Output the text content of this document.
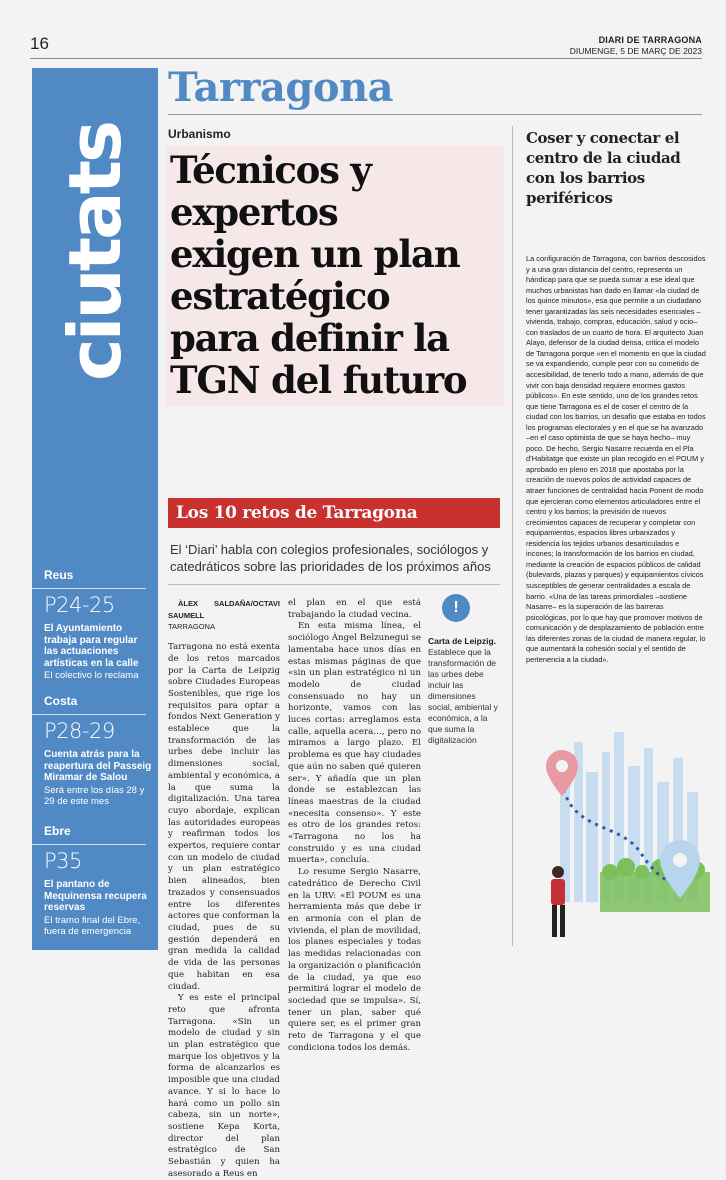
16	DIARI DE TARRAGONA
DIUMENGE, 5 DE MARÇ DE 2023
ciutats
Reus
P24-25
El Ayuntamiento trabaja para regular las actuaciones artísticas en la calle
El colectivo lo reclama
Costa
P28-29
Cuenta atrás para la reapertura del Passeig Miramar de Salou
Será entre los días 28 y 29 de este mes
Ebre
P35
El pantano de Mequinensa recupera reservas
El tramo final del Ebre, fuera de emergencia
Tarragona
Urbanismo
Técnicos y
expertos
exigen un plan
estratégico
para definir la
TGN del futuro
Los 10 retos de Tarragona
El ‘Diari’ habla con colegios profesionales, sociólogos y catedráticos sobre las prioridades de los próximos años

ÀLEX SALDAÑA/OCTAVI SAUMELL

TARRAGONA

Tarragona no está exenta de los retos marcados por la Carta de Leipzig sobre Ciudades Europeas Sostenibles, que rige los requisitos para optar a fondos Next Generation y establece que la transformación de las urbes debe incluir las dimensiones social, ambiental y económica, a la que suma la digitalización. Una tarea cuyo abordaje, explican las autoridades europeas y reafirman todos los expertos, requiere contar con un modelo de ciudad y un plan estratégico bien alineados, bien trazados y consensuados entre los diferentes actores que conforman la ciudad, pues de su gestión dependerá en gran medida la calidad de vida de las personas que habitan en esa ciudad.

Y es este el principal reto que afronta Tarragona. «Sin un modelo de ciudad y sin un plan estratégico que marque los objetivos y la forma de alcanzarlos es imposible que una ciudad avance. Y si lo hace lo hará como un pollo sin cabeza, sin un norte», sostiene Kepa Korta, director del plan estratégico de San Sebastián y quien ha asesorado a Reus en

el plan en el que está trabajando la ciudad vecina.

En esta misma línea, el sociólogo Àngel Belzunegui se lamentaba hace unos días en estas mismas páginas de que «sin un plan estratégico ni un modelo de ciudad consensuado no hay un horizonte, vamos con las luces cortas: arreglamos esta calle, aquella acera…, pero no miramos a largo plazo. El problema es que hay ciudades que aún no saben qué quieren ser». Y añadía que un plan donde se establezcan las líneas maestras de la ciudad «necesita consenso». Y este es otro de los grandes retos: «Tarragona no los ha construido y es una ciudad muerta», concluía.

Lo resume Sergio Nasarre, catedrático de Derecho Civil en la URV: «El POUM es una herramienta más que debe ir en armonía con el plan de vivienda, el plan de movilidad, los planes especiales y todas las medidas relacionadas con la organización o planificación de la ciudad, ya que eso permitirá lograr el modelo de sociedad que se impulsa». Sí, tener un plan, saber qué quiere ser, es el primer gran reto de Tarragona y el que condiciona todos los demás.

!
Carta de Leipzig.
Establece que la transformación de las urbes debe incluir las dimensiones social, ambiental y económica, a la que suma la digitalización
Coser y conectar el centro de la ciudad con los barrios periféricos
La configuración de Tarragona, con barrios descosidos y a una gran distancia del centro, representa un hándicap para que se pueda sumar a ese ideal que muchos urbanistas han dado en llamar «la ciudad de los quince minutos», esa que permite a un ciudadano tener garantizadas las seis necesidades esenciales –vivienda, trabajo, compras, educación, salud y ocio– con traslados de un cuarto de hora. El arquitecto Juan Alayo, defensor de la ciudad densa, critica el modelo de Tarragona porque «en el momento en que la ciudad se va expandiendo, cumple peor con su cometido de accesibilidad, de tenerlo todo a mano, además de que vivir con baja densidad requiere enormes gastos públicos». En este sentido, uno de los grandes retos que tiene Tarragona es el de coser el centro de la ciudad con los barrios, un desafío que estaba en todos los programas electorales y en el que se ha avanzado –en el caso optimista de que se haya hecho– muy poco. De hecho, Sergio Nasarre recuerda en el Pla d’Habitatge que existe un plan recogido en el POUM y aprobado en pleno en 2018 que apostaba por la creación de nuevos polos de actividad capaces de atraer funciones de centralidad hacia Ponent de modo que ejercieran como elementos articuladores entre el centro y los barrios; la previsión de nuevos crecimientos capaces de recuperar y completar con equipamientos, espacios libres urbanizados y residencia los tejidos urbanos desarticulados e incones; la transformación de los barrios en ciudad, mediante la creación de espacios públicos de calidad (bulevards, plazas y parques) y equipamientos cívicos susceptibles de generar centralidades a escala de barrio. «Una de las tareas primordiales –sostiene Nasarre– es la superación de las barreras psicológicas, por lo que hay que promover motivos de comunicación y de desplazamiento de población entre las diferentes zonas de la ciudad de manera regular, lo que aumentará la cohesión social y el sentido de pertenencia a la ciudad».
